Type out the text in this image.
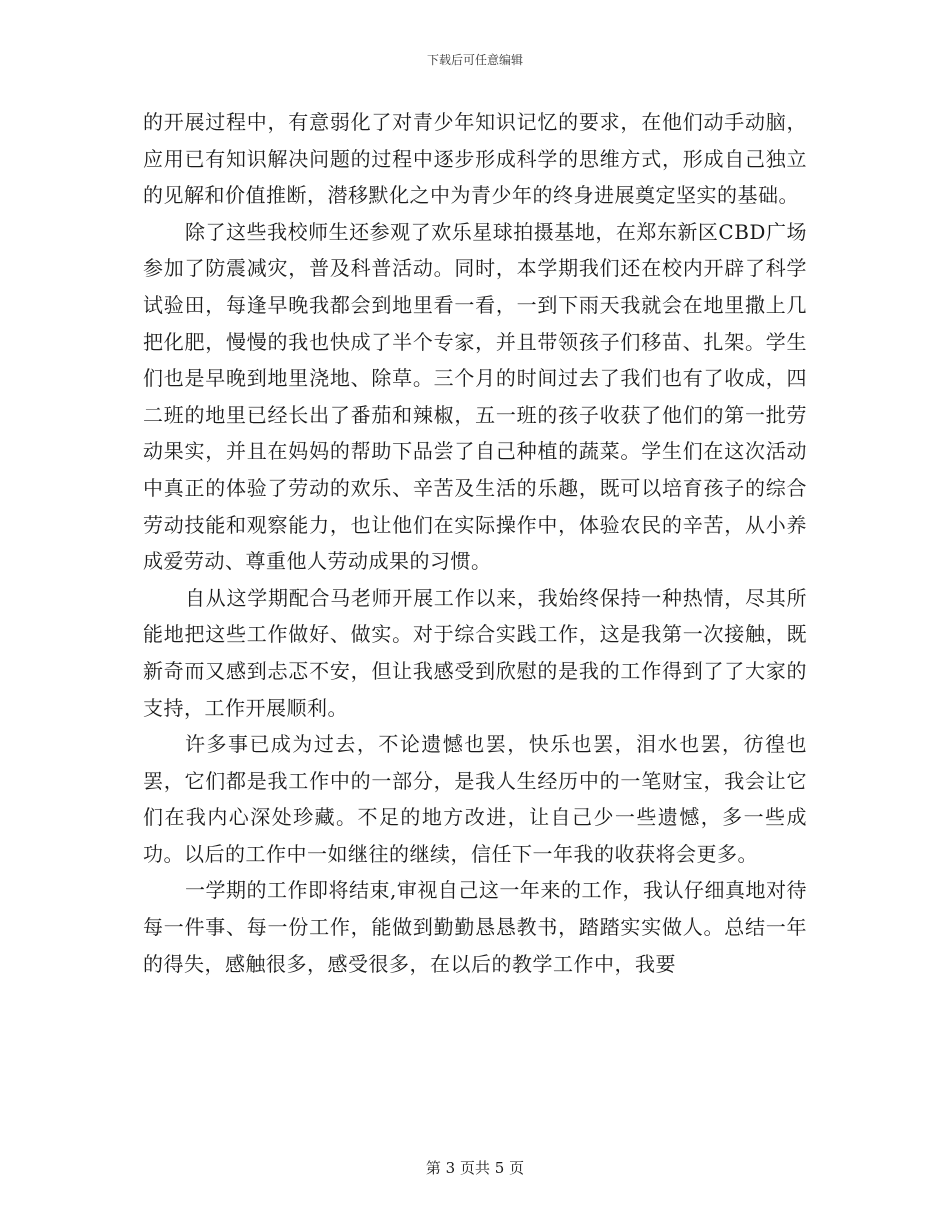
下载后可任意编辑

的开展过程中，有意弱化了对青少年知识记忆的要求，在他们动手动脑，应用已有知识解决问题的过程中逐步形成科学的思维方式，形成自己独立的见解和价值推断，潜移默化之中为青少年的终身进展奠定坚实的基础。

除了这些我校师生还参观了欢乐星球拍摄基地，在郑东新区CBD广场参加了防震减灾，普及科普活动。同时，本学期我们还在校内开辟了科学试验田，每逢早晚我都会到地里看一看，一到下雨天我就会在地里撒上几把化肥，慢慢的我也快成了半个专家，并且带领孩子们移苗、扎架。学生们也是早晚到地里浇地、除草。三个月的时间过去了我们也有了收成，四二班的地里已经长出了番茄和辣椒，五一班的孩子收获了他们的第一批劳动果实，并且在妈妈的帮助下品尝了自己种植的蔬菜。学生们在这次活动中真正的体验了劳动的欢乐、辛苦及生活的乐趣，既可以培育孩子的综合劳动技能和观察能力，也让他们在实际操作中，体验农民的辛苦，从小养成爱劳动、尊重他人劳动成果的习惯。

自从这学期配合马老师开展工作以来，我始终保持一种热情，尽其所能地把这些工作做好、做实。对于综合实践工作，这是我第一次接触，既新奇而又感到忐忑不安，但让我感受到欣慰的是我的工作得到了了大家的支持，工作开展顺利。

许多事已成为过去，不论遗憾也罢，快乐也罢，泪水也罢，彷徨也罢，它们都是我工作中的一部分，是我人生经历中的一笔财宝，我会让它们在我内心深处珍藏。不足的地方改进，让自己少一些遗憾，多一些成功。以后的工作中一如继往的继续，信任下一年我的收获将会更多。

一学期的工作即将结束,审视自己这一年来的工作，我认仔细真地对待每一件事、每一份工作，能做到勤勤恳恳教书，踏踏实实做人。总结一年的得失，感触很多，感受很多，在以后的教学工作中，我要

第 3 页共 5 页
